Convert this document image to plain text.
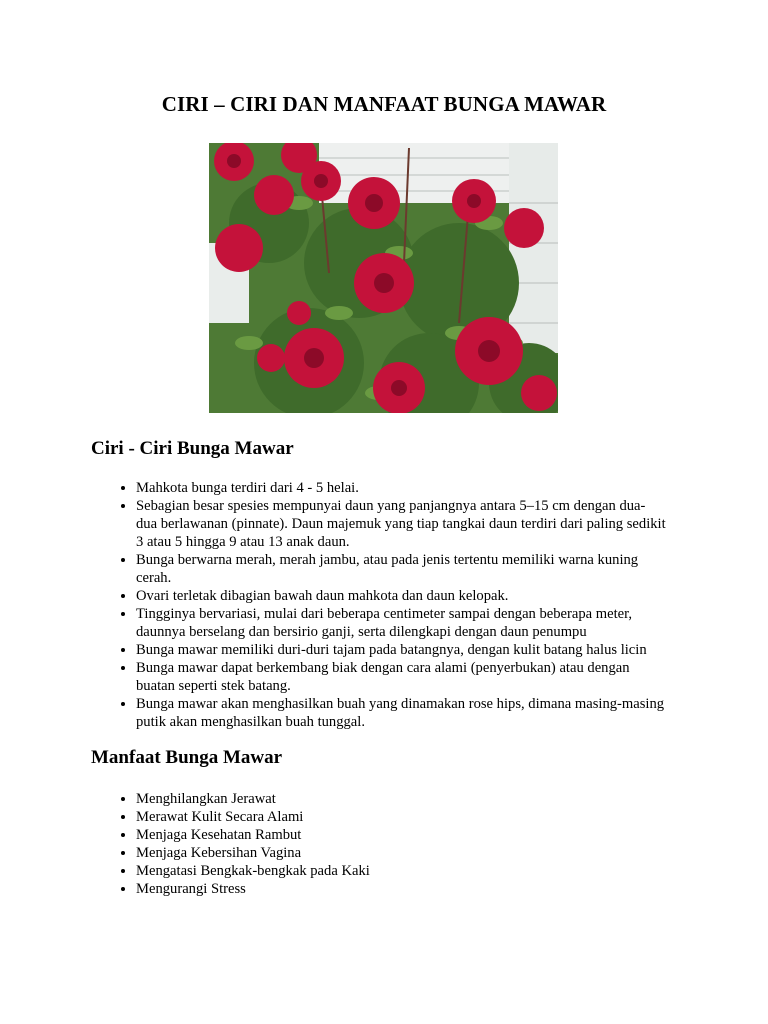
CIRI – CIRI DAN MANFAAT BUNGA MAWAR
Ciri - Ciri Bunga Mawar
• Mahkota bunga terdiri dari 4 - 5 helai.
• Sebagian besar spesies mempunyai daun yang panjangnya antara 5‒15 cm dengan dua-dua berlawanan (pinnate). Daun majemuk yang tiap tangkai daun terdiri dari paling sedikit 3 atau 5 hingga 9 atau 13 anak daun.
• Bunga berwarna merah, merah jambu, atau pada jenis tertentu memiliki warna kuning cerah.
• Ovari terletak dibagian bawah daun mahkota dan daun kelopak.
• Tingginya bervariasi, mulai dari beberapa centimeter sampai dengan beberapa meter, daunnya berselang dan bersirio ganji, serta dilengkapi dengan daun penumpu
• Bunga mawar memiliki duri-duri tajam pada batangnya, dengan kulit batang halus licin
• Bunga mawar dapat berkembang biak dengan cara alami (penyerbukan) atau dengan buatan seperti stek batang.
• Bunga mawar akan menghasilkan buah yang dinamakan rose hips, dimana masing-masing putik akan menghasilkan buah tunggal.
Manfaat Bunga Mawar
• Menghilangkan Jerawat
• Merawat Kulit Secara Alami
• Menjaga Kesehatan Rambut
• Menjaga Kebersihan Vagina
• Mengatasi Bengkak-bengkak pada Kaki
• Mengurangi Stress
